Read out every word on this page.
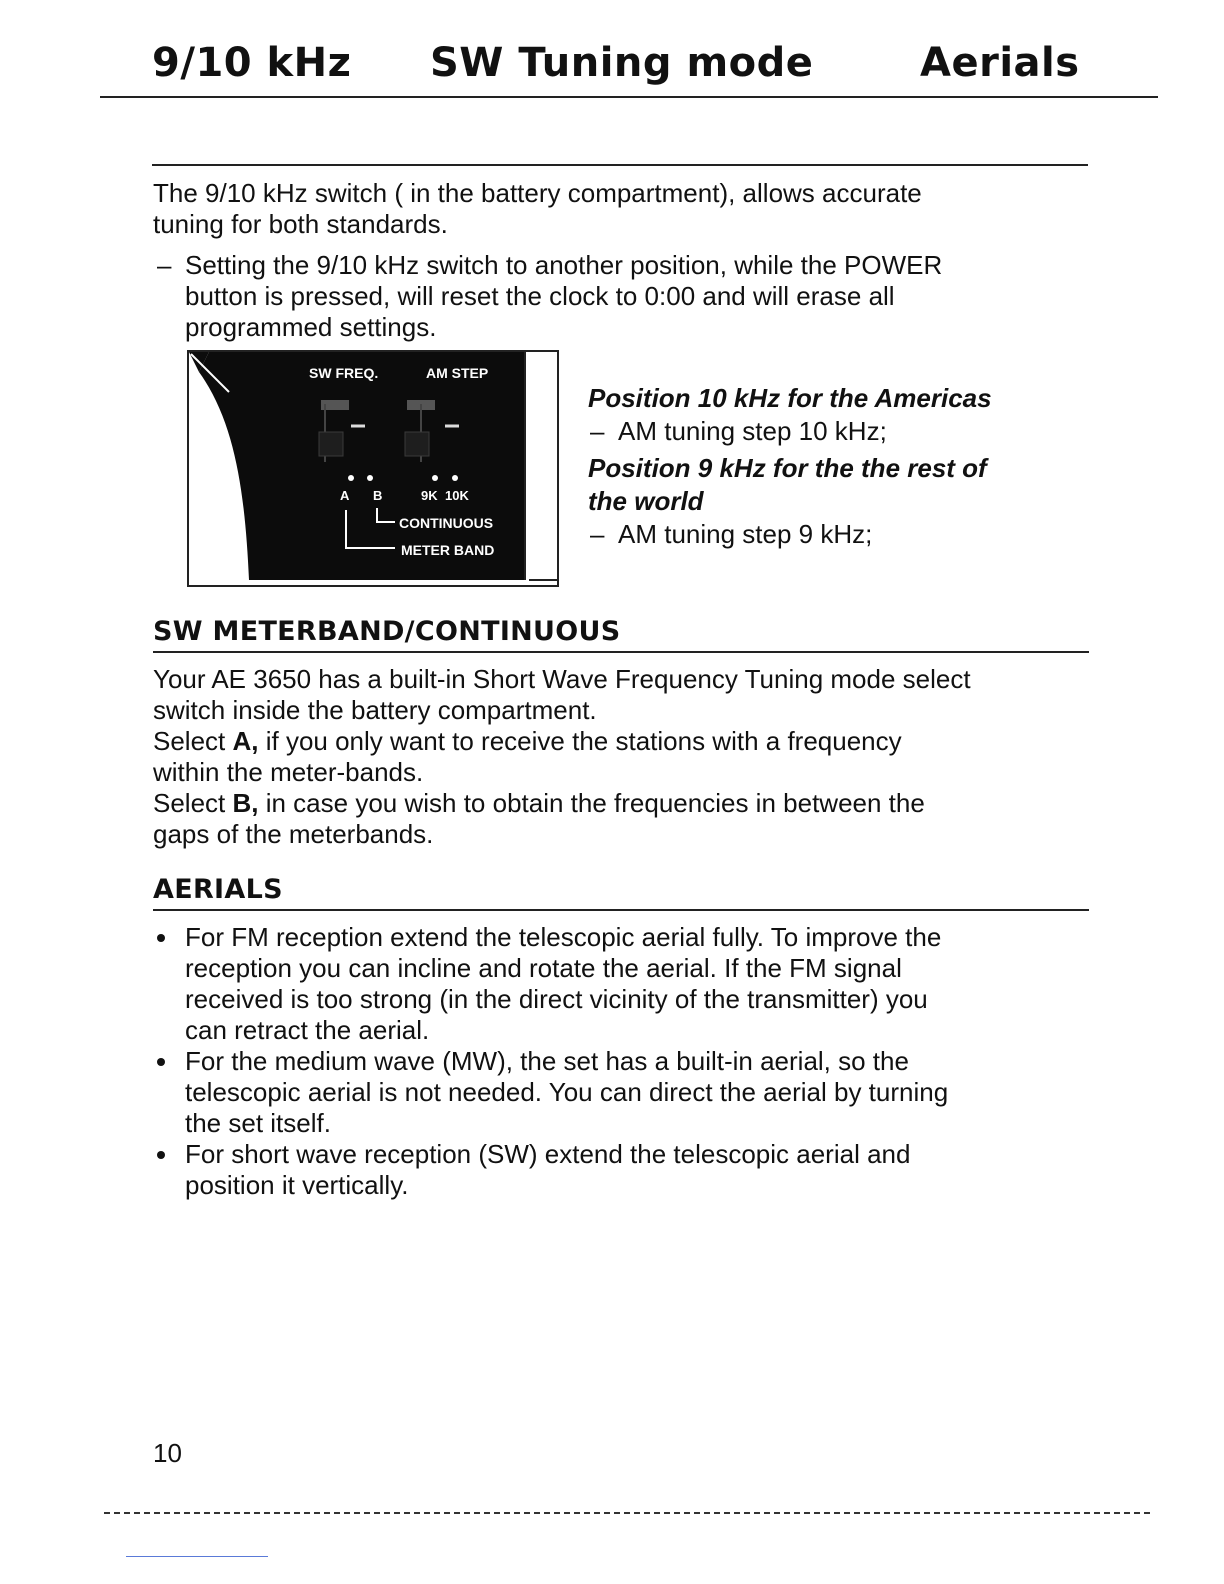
9/10 kHz SW Tuning mode	Aerials
The 9/10 kHz switch ( in the battery compartment), allows accurate
tuning for both standards.
– Setting the 9/10 kHz switch to another position, while the POWER
button is pressed, will reset the clock to 0:00 and will erase all
programmed settings.
SW FREQ.	AM STEP
A B	9K 10K
CONTINUOUS
METER BAND

Position 10 kHz for the Americas

– AM tuning step 10 kHz;

Position 9 kHz for the the rest of
the world

– AM tuning step 9 kHz;
SW METERBAND/CONTINUOUS
Your AE 3650 has a built-in Short Wave Frequency Tuning mode select
switch inside the battery compartment.
Select A, if you only want to receive the stations with a frequency
within the meter-bands.
Select B, in case you wish to obtain the frequencies in between the
gaps of the meterbands.
AERIALS
For FM reception extend the telescopic aerial fully. To improve the
reception you can incline and rotate the aerial. If the FM signal
received is too strong (in the direct vicinity of the transmitter) you
can retract the aerial.
For the medium wave (MW), the set has a built-in aerial, so the
telescopic aerial is not needed. You can direct the aerial by turning
the set itself.
For short wave reception (SW) extend the telescopic aerial and
position it vertically.
10
